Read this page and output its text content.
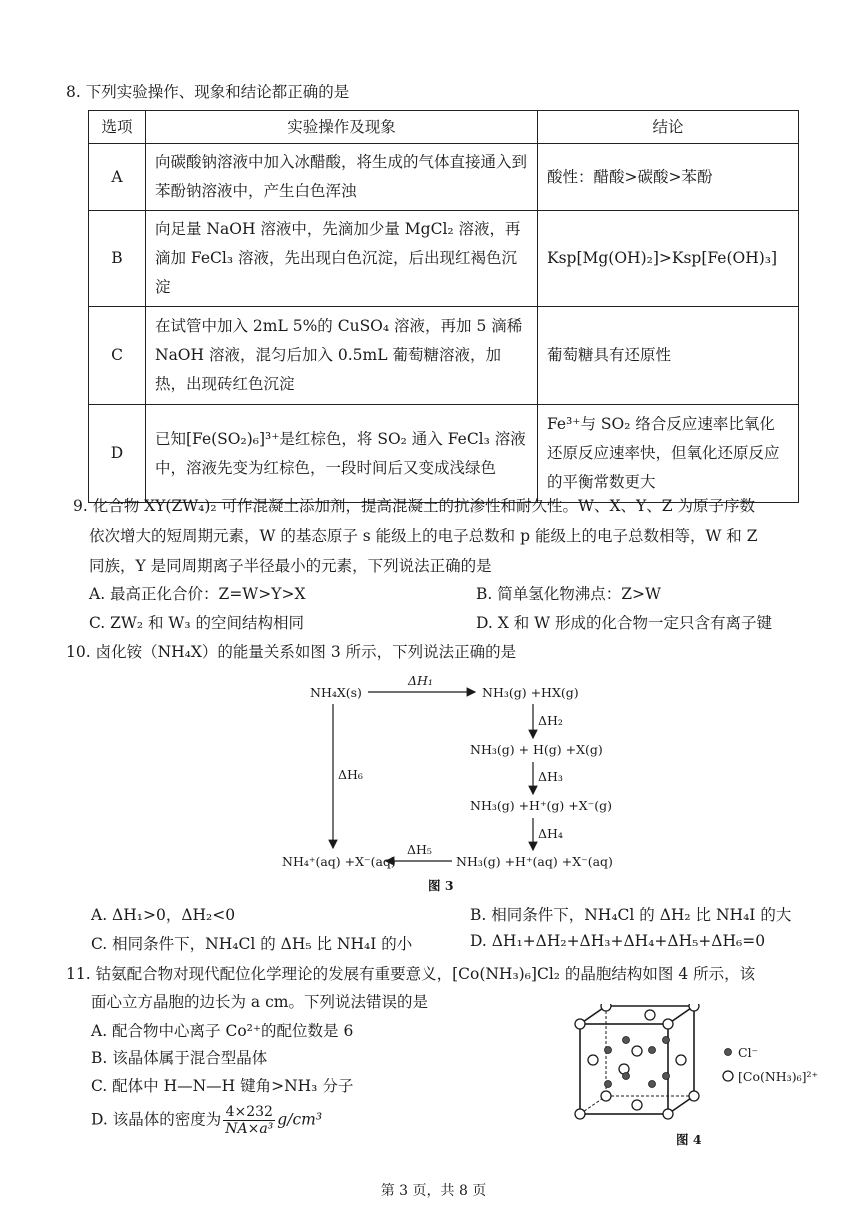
8. 下列实验操作、现象和结论都正确的是
选项	实验操作及现象	结论
A	向碳酸钠溶液中加入冰醋酸，将生成的气体直接通入到苯酚钠溶液中，产生白色浑浊	酸性：醋酸>碳酸>苯酚
B	向足量 NaOH 溶液中，先滴加少量 MgCl₂ 溶液，再滴加 FeCl₃ 溶液，先出现白色沉淀，后出现红褐色沉淀	Ksp[Mg(OH)₂]>Ksp[Fe(OH)₃]
C	在试管中加入 2mL 5%的 CuSO₄ 溶液，再加 5 滴稀 NaOH 溶液，混匀后加入 0.5mL 葡萄糖溶液，加热，出现砖红色沉淀	葡萄糖具有还原性
D	已知[Fe(SO₂)₆]³⁺是红棕色，将 SO₂ 通入 FeCl₃ 溶液中，溶液先变为红棕色，一段时间后又变成浅绿色	Fe³⁺与 SO₂ 络合反应速率比氧化还原反应速率快，但氧化还原反应的平衡常数更大
9. 化合物 XY(ZW₄)₂ 可作混凝土添加剂，提高混凝土的抗渗性和耐久性。W、X、Y、Z 为原子序数
依次增大的短周期元素，W 的基态原子 s 能级上的电子总数和 p 能级上的电子总数相等，W 和 Z
同族，Y 是同周期离子半径最小的元素，下列说法正确的是
A. 最高正化合价：Z=W>Y>X	B. 简单氢化物沸点：Z>W
C. ZW₂ 和 W₃ 的空间结构相同	D. X 和 W 形成的化合物一定只含有离子键
10. 卤化铵（NH₄X）的能量关系如图 3 所示，下列说法正确的是
NH₄X(s)
ΔH₁
NH₃(g) +HX(g)
ΔH₂
NH₃(g) + H(g) +X(g)
ΔH₃
NH₃(g) +H⁺(g) +X⁻(g)
ΔH₄
NH₃(g) +H⁺(aq) +X⁻(aq)
ΔH₅
NH₄⁺(aq) +X⁻(aq)
ΔH₆
图 3
A. ΔH₁>0，ΔH₂<0	B. 相同条件下，NH₄Cl 的 ΔH₂ 比 NH₄I 的大
C. 相同条件下，NH₄Cl 的 ΔH₅ 比 NH₄I 的小	D. ΔH₁+ΔH₂+ΔH₃+ΔH₄+ΔH₅+ΔH₆=0
11. 钴氨配合物对现代配位化学理论的发展有重要意义，[Co(NH₃)₆]Cl₂ 的晶胞结构如图 4 所示，该
面心立方晶胞的边长为 a cm。下列说法错误的是
A. 配合物中心离子 Co²⁺的配位数是 6
B. 该晶体属于混合型晶体
C. 配体中 H—N—H 键角>NH₃ 分子
D. 该晶体的密度为 $\frac{4\times 232}{\text{NA×a³}} g/cm^3$
Cl⁻
[Co(NH₃)₆]²⁺
图 4
第 3 页，共 8 页
